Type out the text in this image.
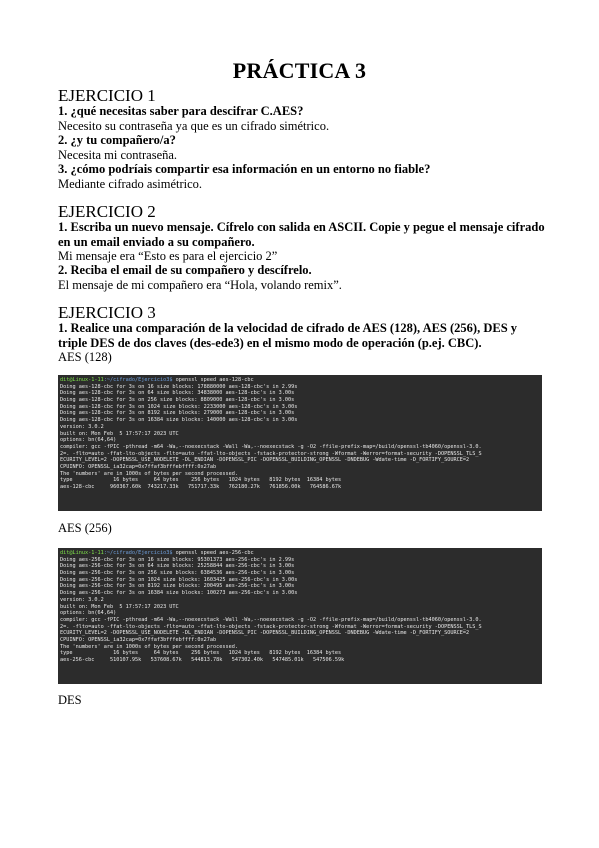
PRÁCTICA 3
EJERCICIO 1
1. ¿qué necesitas saber para descifrar C.AES?
Necesito su contraseña ya que es un cifrado simétrico.
2. ¿y tu compañero/a?
Necesita mi contraseña.
3. ¿cómo podríais compartir esa información en un entorno no fiable?
Mediante cifrado asimétrico.
EJERCICIO 2
1. Escriba un nuevo mensaje. Cífrelo con salida en ASCII. Copie y pegue el mensaje cifrado en un email enviado a su compañero.
Mi mensaje era “Esto es para el ejercicio 2”
2. Reciba el email de su compañero y descífrelo.
El mensaje de mi compañero era “Hola, volando remix”.
EJERCICIO 3
1. Realice una comparación de la velocidad de cifrado de AES (128), AES (256), DES y triple DES de dos claves (des-ede3) en el mismo modo de operación (p.ej. CBC).
AES (128)
dit@Linux-1-11:~/cifrado/Ejercicio3$ openssl speed aes-128-cbc
Doing aes-128-cbc for 3s on 16 size blocks: 178880000 aes-128-cbc's in 2.99s
Doing aes-128-cbc for 3s on 64 size blocks: 34838000 aes-128-cbc's in 3.00s
Doing aes-128-cbc for 3s on 256 size blocks: 8809000 aes-128-cbc's in 3.00s
Doing aes-128-cbc for 3s on 1024 size blocks: 2233000 aes-128-cbc's in 3.00s
Doing aes-128-cbc for 3s on 8192 size blocks: 279000 aes-128-cbc's in 3.00s
Doing aes-128-cbc for 3s on 16384 size blocks: 140000 aes-128-cbc's in 3.00s
version: 3.0.2
built on: Mon Feb  5 17:57:17 2023 UTC
options: bn(64,64)
compiler: gcc -fPIC -pthread -m64 -Wa,--noexecstack -Wall -Wa,--noexecstack -g -O2 -ffile-prefix-map=/build/openssl-tb4060/openssl-3.0.
2=. -flto=auto -ffat-lto-objects -flto=auto -ffat-lto-objects -fstack-protector-strong -Wformat -Werror=format-security -DOPENSSL_TLS_S
ECURITY_LEVEL=2 -DOPENSSL_USE_NODELETE -DL_ENDIAN -DOPENSSL_PIC -DOPENSSL_BUILDING_OPENSSL -DNDEBUG -Wdate-time -D_FORTIFY_SOURCE=2
CPUINFO: OPENSSL_ia32cap=0x7ffaf3bfffebffff:0x27ab
The 'numbers' are in 1000s of bytes per second processed.
type             16 bytes     64 bytes    256 bytes   1024 bytes   8192 bytes  16384 bytes
aes-128-cbc     960367.60k  743217.33k   751717.33k   762180.27k   761856.00k   764586.67k
AES (256)
dit@Linux-1-11:~/cifrado/Ejercicio3$ openssl speed aes-256-cbc
Doing aes-256-cbc for 3s on 16 size blocks: 95301373 aes-256-cbc's in 2.99s
Doing aes-256-cbc for 3s on 64 size blocks: 25258844 aes-256-cbc's in 3.00s
Doing aes-256-cbc for 3s on 256 size blocks: 6384536 aes-256-cbc's in 3.00s
Doing aes-256-cbc for 3s on 1024 size blocks: 1603425 aes-256-cbc's in 3.00s
Doing aes-256-cbc for 3s on 8192 size blocks: 200495 aes-256-cbc's in 3.00s
Doing aes-256-cbc for 3s on 16384 size blocks: 100273 aes-256-cbc's in 3.00s
version: 3.0.2
built on: Mon Feb  5 17:57:17 2023 UTC
options: bn(64,64)
compiler: gcc -fPIC -pthread -m64 -Wa,--noexecstack -Wall -Wa,--noexecstack -g -O2 -ffile-prefix-map=/build/openssl-tb4060/openssl-3.0.
2=. -flto=auto -ffat-lto-objects -flto=auto -ffat-lto-objects -fstack-protector-strong -Wformat -Werror=format-security -DOPENSSL_TLS_S
ECURITY_LEVEL=2 -DOPENSSL_USE_NODELETE -DL_ENDIAN -DOPENSSL_PIC -DOPENSSL_BUILDING_OPENSSL -DNDEBUG -Wdate-time -D_FORTIFY_SOURCE=2
CPUINFO: OPENSSL_ia32cap=0x7ffaf3bfffebffff:0x27ab
The 'numbers' are in 1000s of bytes per second processed.
type             16 bytes     64 bytes    256 bytes   1024 bytes   8192 bytes  16384 bytes
aes-256-cbc     510107.95k   537608.67k   544813.78k   547302.40k   547485.01k   547506.59k
DES
